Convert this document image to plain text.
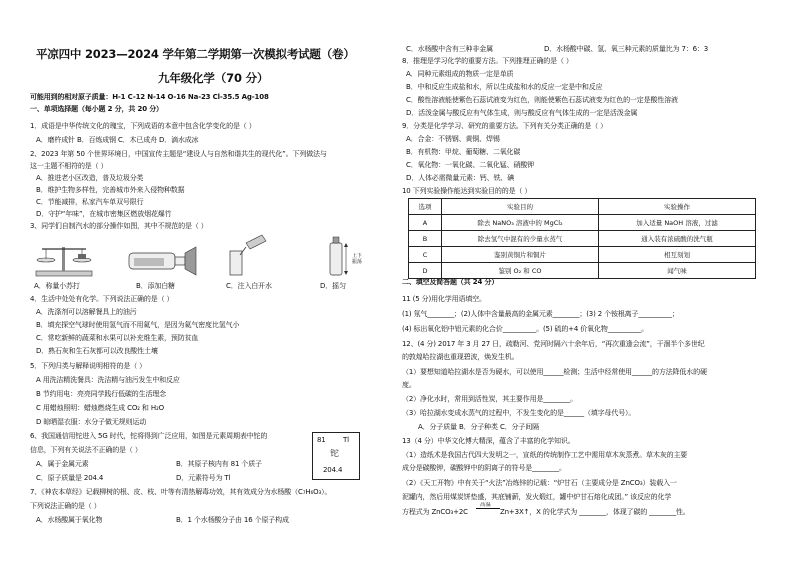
平凉四中 2023—2024 学年第二学期第一次模拟考试题（卷）
九年级化学（70 分）
可能用到的相对原子质量：H-1 C-12 N-14 O-16 Na-23 Cl-35.5 Ag-108
一、单项选择题（每小题 2 分，共 20 分）
1．成语是中华传统文化的瑰宝，下列成语的本意中包含化学变化的是（ ）
A．磨杵成针 B．百炼成钢 C．木已成舟 D．滴水成冰
2、2023 年第 50 个世界环境日，中国宣传主题是“建设人与自然和谐共生的现代化”。下列做法与
这一主题不相符的是（ ）
A．推进老小区改造，普及垃圾分类
B．维护生物多样性，完善城市外来入侵物种数据
C．节能减排，私家汽车单双号限行
D．守护“年味”，在城市密集区燃放烟花爆竹
3、同学们自制汽水的部分操作如图，其中不规范的是（ ）
上下振荡
A．称量小苏打	B．添加白糖	C．注入白开水	D．摇匀
4．生活中处处有化学。下列说法正确的是（ ）
A．洗涤剂可以溶解餐具上的油污
B．填充探空气球时使用氢气而不用氦气，是因为氦气密度比氢气小
C．常吃新鲜的蔬菜和水果可以补充维生素，预防贫血
D．熟石灰和生石灰都可以改良酸性土壤
5．下列归类与解释说明相符的是（ ）
A 用洗洁精洗餐具：洗洁精与油污发生中和反应
B 节约用电：亮亮同学践行低碳的生活理念
C 用蜡烛照明：蜡烛燃烧生成 CO₂ 和 H₂O
D 晾晒湿衣服：水分子做无规则运动
6、我国通信用铊进入 5G 时代，铊将得到广泛应用，如图是元素周期表中铊的
信息，下列有关说法不正确的是（ ）
A．属于金属元素	B．其原子核内有 81 个质子
C．原子质量是 204.4	D．元素符号为 Tl
81 Tl
铊
204.4
7、《神农本草经》记载柳树的根、皮、枝、叶等有清热解毒功效，其有效成分为水杨酸（C₇H₆O₃）。
下列说法正确的是（ ）
A．水杨酸属于氧化物	B．1 个水杨酸分子由 16 个原子构成
C．水杨酸中含有三种非金属	D．水杨酸中碳、氢、氧三种元素的质量比为 7：6：3
8．推理是学习化学的重要方法。下列推理正确的是（ ）
A．同种元素组成的物质一定是单质
B．中和反应生成盐和水，所以生成盐和水的反应一定是中和反应
C．酸性溶液能使紫色石蕊试液变为红色，则能使紫色石蕊试液变为红色的一定是酸性溶液
D．活泼金属与酸反应有气体生成，则与酸反应有气体生成的一定是活泼金属
9．分类是化学学习、研究的重要方法。下列有关分类正确的是（ ）
A．合金：不锈钢、黄铜、焊锡
B．有机物：甲烷、葡萄糖、二氧化碳
C．氧化物：一氧化碳、二氧化锰、硝酸钾
D．人体必需微量元素：钙、铁、碘
10 下列实验操作能达到实验目的的是（ ）
选项	实验目的	实验操作
A	除去 NaNO₃ 溶液中的 MgCl₂	加入适量 NaOH 溶液，过滤
B	除去氢气中混有的少量水蒸气	通入装有浓硫酸的洗气瓶
C	鉴别黄铜片和铜片	相互刻划
D	鉴别 O₂ 和 CO	闻气味
二、填空及简答题（共 24 分）
11 (5 分)用化学用语填空。
(1) 氖气________；(2)人体中含量最高的金属元素________；(3) 2 个铵根离子__________；
(4) 标出氧化铝中铝元素的化合价__________。(5) 硫的+4 价氧化物__________。
12、(4 分) 2017 年 3 月 27 日，疏勒河、党河时隔六十余年后，“再次重逢会流”，干涸半个多世纪
的敦煌哈拉湖也重现碧波，焕发生机。
（1）要想知道哈拉湖水是否为硬水，可以使用______检测；生活中经常使用______的方法降低水的硬
度。
（2）净化水时，常用到活性炭，其主要作用是________。
（3）哈拉湖水变成水蒸气的过程中，不发生变化的是______（填字母代号）。
A．分子质量 B．分子种类 C．分子间隔
13（4 分）中华文化博大精深，蕴含了丰富的化学知识。
（1）造纸术是我国古代四大发明之一，宣纸的传统制作工艺中需用草木灰蒸煮。草木灰的主要
成分是碳酸钾，碳酸钾中的阴离子的符号是________。
（2）《天工开物》中有关于“火法”冶炼锌的记载：“炉甘石（主要成分是 ZnCO₃）装载入一
泥罐内，然后用煤炭饼垫盛，其底铺薪，发火煅红，罐中炉甘石熔化成团。” 该反应的化学
方程式为 ZnCO₃+2C
高温
Zn+3X↑，X 的化学式为 ________，体现了碳的 ________性。
